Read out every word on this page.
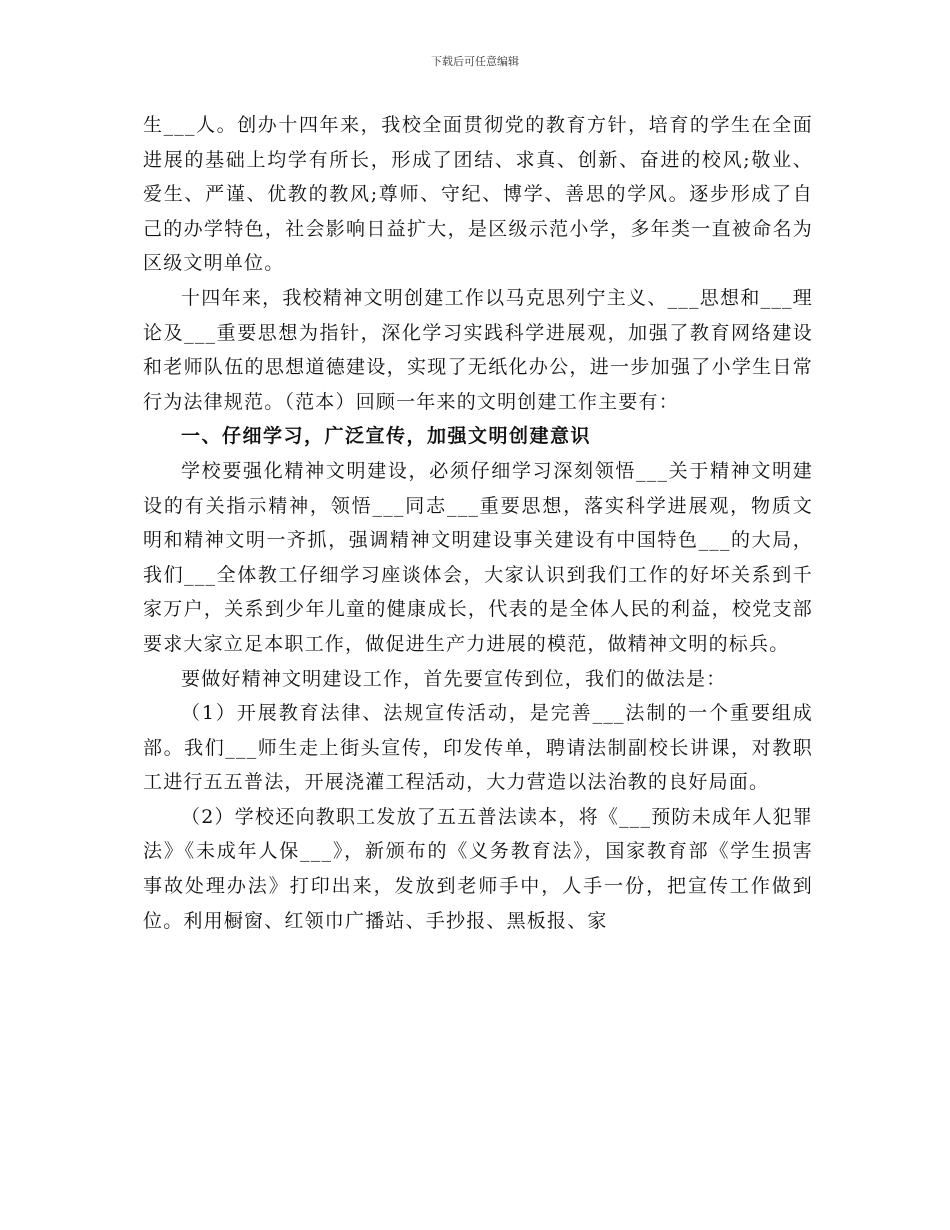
下载后可任意编辑

生___人。创办十四年来，我校全面贯彻党的教育方针，培育的学生在全面进展的基础上均学有所长，形成了团结、求真、创新、奋进的校风;敬业、爱生、严谨、优教的教风;尊师、守纪、博学、善思的学风。逐步形成了自己的办学特色，社会影响日益扩大，是区级示范小学，多年类一直被命名为区级文明单位。

十四年来，我校精神文明创建工作以马克思列宁主义、___思想和___理论及___重要思想为指针，深化学习实践科学进展观，加强了教育网络建设和老师队伍的思想道德建设，实现了无纸化办公，进一步加强了小学生日常行为法律规范。（范本）回顾一年来的文明创建工作主要有：

一、仔细学习，广泛宣传，加强文明创建意识

学校要强化精神文明建设，必须仔细学习深刻领悟___关于精神文明建设的有关指示精神，领悟___同志___重要思想，落实科学进展观，物质文明和精神文明一齐抓，强调精神文明建设事关建设有中国特色___的大局，我们___全体教工仔细学习座谈体会，大家认识到我们工作的好坏关系到千家万户，关系到少年儿童的健康成长，代表的是全体人民的利益，校党支部要求大家立足本职工作，做促进生产力进展的模范，做精神文明的标兵。

要做好精神文明建设工作，首先要宣传到位，我们的做法是：

（1）开展教育法律、法规宣传活动，是完善___法制的一个重要组成部。我们___师生走上街头宣传，印发传单，聘请法制副校长讲课，对教职工进行五五普法，开展浇灌工程活动，大力营造以法治教的良好局面。

（2）学校还向教职工发放了五五普法读本，将《___预防未成年人犯罪法》《未成年人保___》，新颁布的《义务教育法》，国家教育部《学生损害事故处理办法》打印出来，发放到老师手中，人手一份，把宣传工作做到位。利用橱窗、红领巾广播站、手抄报、黑板报、家
